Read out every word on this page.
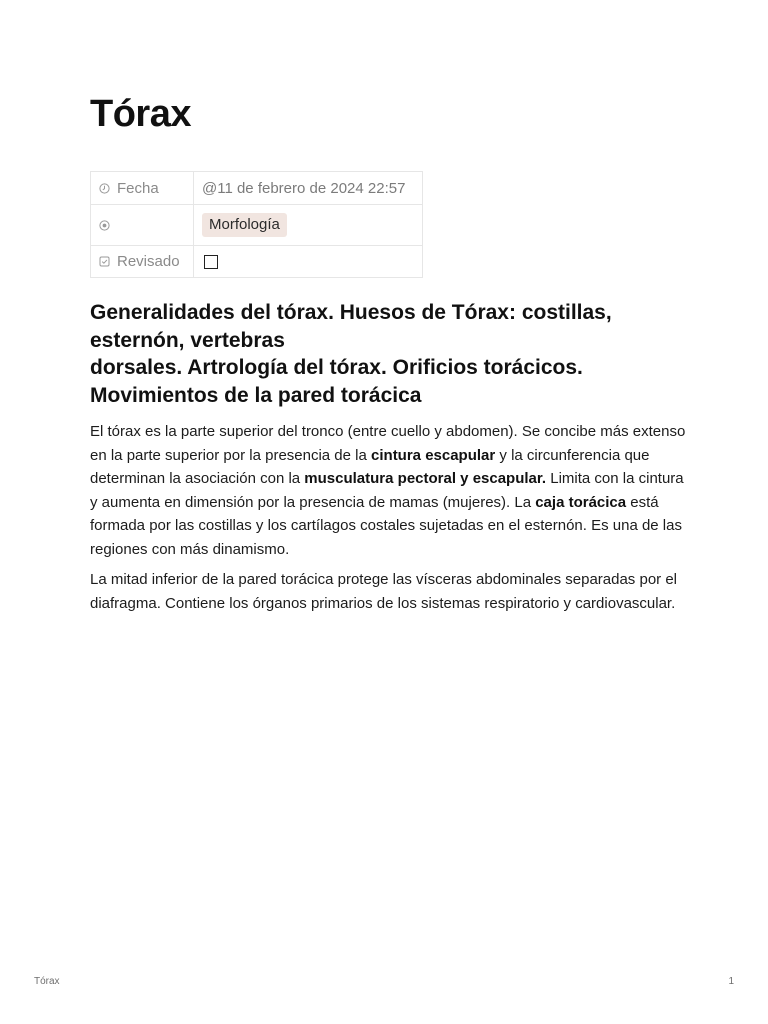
Tórax
Fecha	@11 de febrero de 2024 22:57

	Morfología

Revisado	

Generalidades del tórax. Huesos de Tórax: costillas,
esternón, vertebras
dorsales. Artrología del tórax. Orificios torácicos.
Movimientos de la pared torácica

El tórax es la parte superior del tronco (entre cuello y abdomen). Se concibe más extenso en la parte superior por la presencia de la cintura escapular y la circunferencia que determinan la asociación con la musculatura pectoral y escapular. Limita con la cintura y aumenta en dimensión por la presencia de mamas (mujeres). La caja torácica está formada por las costillas y los cartílagos costales sujetadas en el esternón. Es una de las regiones con más dinamismo.

La mitad inferior de la pared torácica protege las vísceras abdominales separadas por el diafragma. Contiene los órganos primarios de los sistemas respiratorio y cardiovascular.

Tórax	1
